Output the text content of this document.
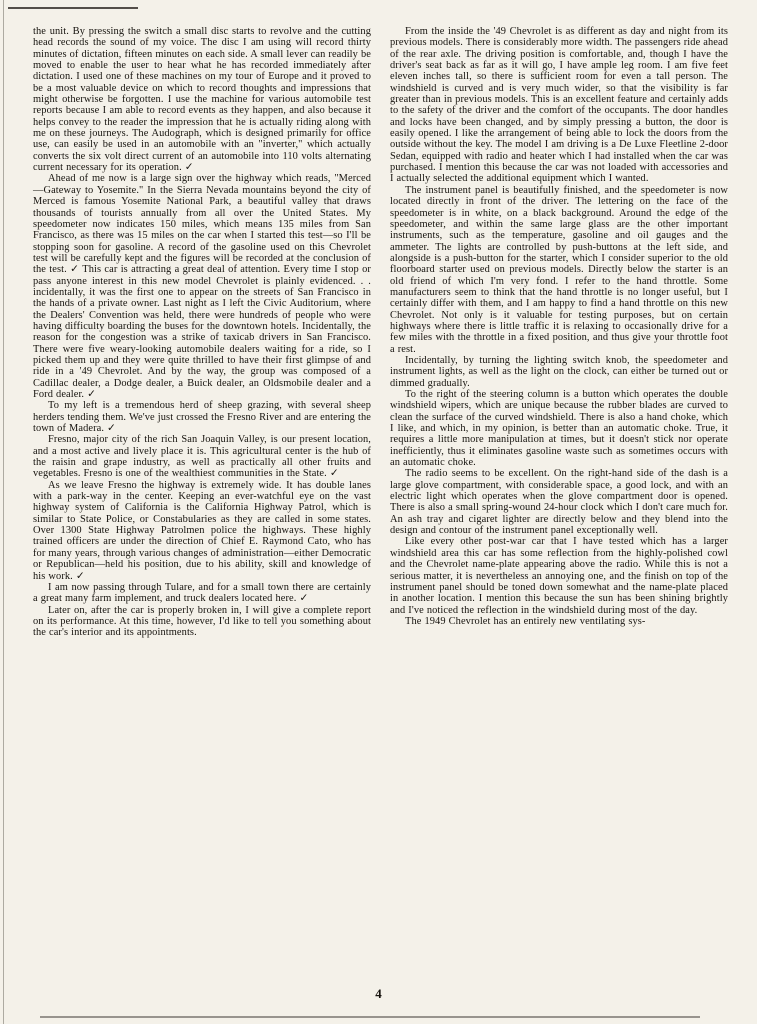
the unit. By pressing the switch a small disc starts to revolve and the cutting head records the sound of my voice. The disc I am using will record thirty minutes of dictation, fifteen minutes on each side. A small lever can readily be moved to enable the user to hear what he has recorded immediately after dictation. I used one of these machines on my tour of Europe and it proved to be a most valuable device on which to record thoughts and impressions that might otherwise be forgotten. I use the machine for various automobile test reports because I am able to record events as they happen, and also because it helps convey to the reader the impression that he is actually riding along with me on these journeys. The Audograph, which is designed primarily for office use, can easily be used in an automobile with an "inverter," which actually converts the six volt direct current of an automobile into 110 volts alternating current necessary for its operation. ✓

Ahead of me now is a large sign over the highway which reads, "Merced—Gateway to Yosemite." In the Sierra Nevada mountains beyond the city of Merced is famous Yosemite National Park, a beautiful valley that draws thousands of tourists annually from all over the United States. My speedometer now indicates 150 miles, which means 135 miles from San Francisco, as there was 15 miles on the car when I started this test—so I'll be stopping soon for gasoline. A record of the gasoline used on this Chevrolet test will be carefully kept and the figures will be recorded at the conclusion of the test. ✓ This car is attracting a great deal of attention. Every time I stop or pass anyone interest in this new model Chevrolet is plainly evidenced. . . incidentally, it was the first one to appear on the streets of San Francisco in the hands of a private owner. Last night as I left the Civic Auditorium, where the Dealers' Convention was held, there were hundreds of people who were having difficulty boarding the buses for the downtown hotels. Incidentally, the reason for the congestion was a strike of taxicab drivers in San Francisco. There were five weary-looking automobile dealers waiting for a ride, so I picked them up and they were quite thrilled to have their first glimpse of and ride in a '49 Chevrolet. And by the way, the group was composed of a Cadillac dealer, a Dodge dealer, a Buick dealer, an Oldsmobile dealer and a Ford dealer. ✓

To my left is a tremendous herd of sheep grazing, with several sheep herders tending them. We've just crossed the Fresno River and are entering the town of Madera. ✓

Fresno, major city of the rich San Joaquin Valley, is our present location, and a most active and lively place it is. This agricultural center is the hub of the raisin and grape industry, as well as practically all other fruits and vegetables. Fresno is one of the wealthiest communities in the State. ✓

As we leave Fresno the highway is extremely wide. It has double lanes with a park-way in the center. Keeping an ever-watchful eye on the vast highway system of California is the California Highway Patrol, which is similar to State Police, or Constabularies as they are called in some states. Over 1300 State Highway Patrolmen police the highways. These highly trained officers are under the direction of Chief E. Raymond Cato, who has for many years, through various changes of administration—either Democratic or Republican—held his position, due to his ability, skill and knowledge of his work. ✓

I am now passing through Tulare, and for a small town there are certainly a great many farm implement, and truck dealers located here. ✓

Later on, after the car is properly broken in, I will give a complete report on its performance. At this time, however, I'd like to tell you something about the car's interior and its appointments.

From the inside the '49 Chevrolet is as different as day and night from its previous models. There is considerably more width. The passengers ride ahead of the rear axle. The driving position is comfortable, and, though I have the driver's seat back as far as it will go, I have ample leg room. I am five feet eleven inches tall, so there is sufficient room for even a tall person. The windshield is curved and is very much wider, so that the visibility is far greater than in previous models. This is an excellent feature and certainly adds to the safety of the driver and the comfort of the occupants. The door handles and locks have been changed, and by simply pressing a button, the door is easily opened. I like the arrangement of being able to lock the doors from the outside without the key. The model I am driving is a De Luxe Fleetline 2-door Sedan, equipped with radio and heater which I had installed when the car was purchased. I mention this because the car was not loaded with accessories and I actually selected the additional equipment which I wanted.

The instrument panel is beautifully finished, and the speedometer is now located directly in front of the driver. The lettering on the face of the speedometer is in white, on a black background. Around the edge of the speedometer, and within the same large glass are the other important instruments, such as the temperature, gasoline and oil gauges and the ammeter. The lights are controlled by push-buttons at the left side, and alongside is a push-button for the starter, which I consider superior to the old floorboard starter used on previous models. Directly below the starter is an old friend of which I'm very fond. I refer to the hand throttle. Some manufacturers seem to think that the hand throttle is no longer useful, but I certainly differ with them, and I am happy to find a hand throttle on this new Chevrolet. Not only is it valuable for testing purposes, but on certain highways where there is little traffic it is relaxing to occasionally drive for a few miles with the throttle in a fixed position, and thus give your throttle foot a rest.

Incidentally, by turning the lighting switch knob, the speedometer and instrument lights, as well as the light on the clock, can either be turned out or dimmed gradually.

To the right of the steering column is a button which operates the double windshield wipers, which are unique because the rubber blades are curved to clean the surface of the curved windshield. There is also a hand choke, which I like, and which, in my opinion, is better than an automatic choke. True, it requires a little more manipulation at times, but it doesn't stick nor operate inefficiently, thus it eliminates gasoline waste such as sometimes occurs with an automatic choke.

The radio seems to be excellent. On the right-hand side of the dash is a large glove compartment, with considerable space, a good lock, and with an electric light which operates when the glove compartment door is opened. There is also a small spring-wound 24-hour clock which I don't care much for. An ash tray and cigaret lighter are directly below and they blend into the design and contour of the instrument panel exceptionally well.

Like every other post-war car that I have tested which has a larger windshield area this car has some reflection from the highly-polished cowl and the Chevrolet name-plate appearing above the radio. While this is not a serious matter, it is nevertheless an annoying one, and the finish on top of the instrument panel should be toned down somewhat and the name-plate placed in another location. I mention this because the sun has been shining brightly and I've noticed the reflection in the windshield during most of the day.

The 1949 Chevrolet has an entirely new ventilating sys-

4
